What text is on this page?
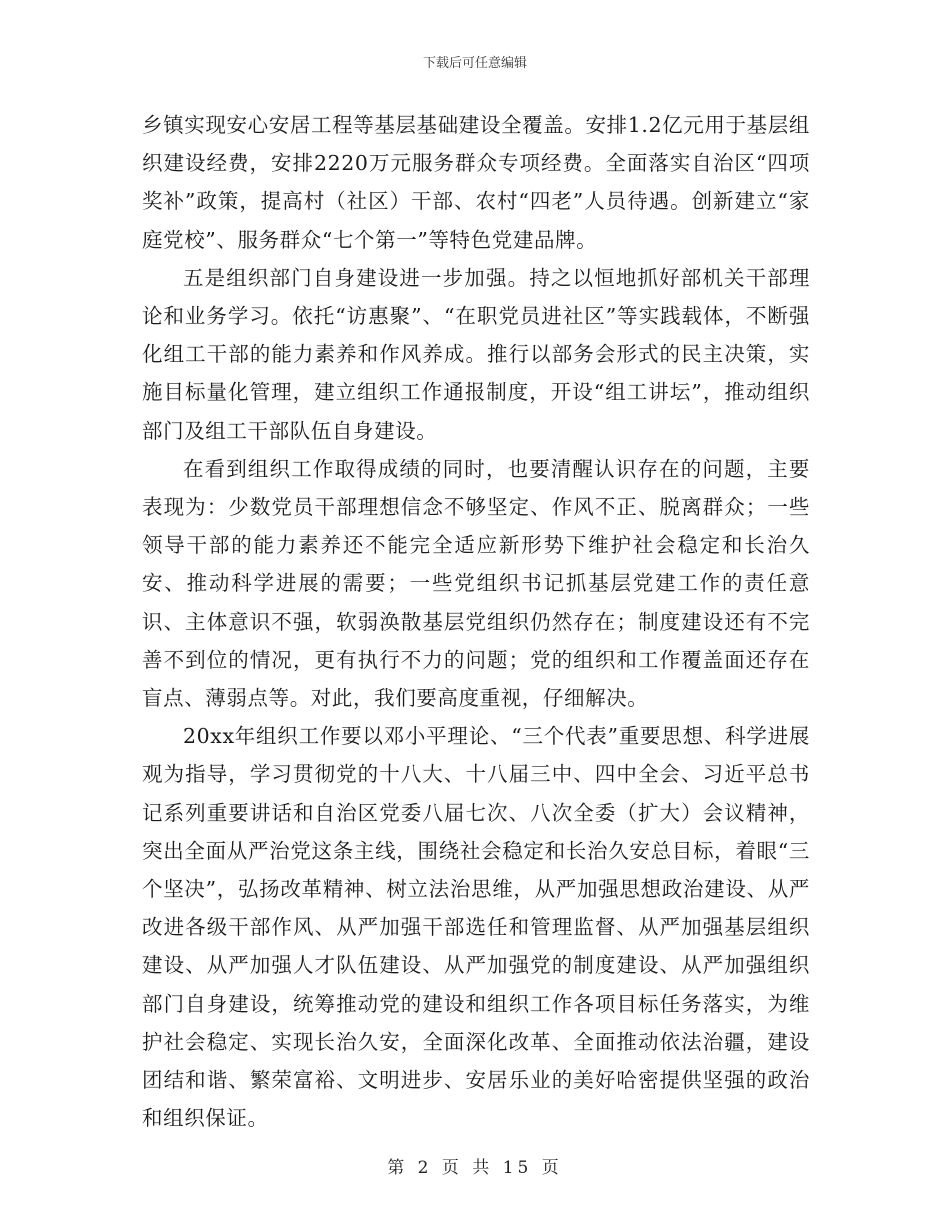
下载后可任意编辑

乡镇实现安心安居工程等基层基础建设全覆盖。安排1.2亿元用于基层组织建设经费，安排2220万元服务群众专项经费。全面落实自治区“四项奖补”政策，提高村（社区）干部、农村“四老”人员待遇。创新建立“家庭党校”、服务群众“七个第一”等特色党建品牌。

五是组织部门自身建设进一步加强。持之以恒地抓好部机关干部理论和业务学习。依托“访惠聚”、“在职党员进社区”等实践载体，不断强化组工干部的能力素养和作风养成。推行以部务会形式的民主决策，实施目标量化管理，建立组织工作通报制度，开设“组工讲坛”，推动组织部门及组工干部队伍自身建设。

在看到组织工作取得成绩的同时，也要清醒认识存在的问题，主要表现为：少数党员干部理想信念不够坚定、作风不正、脱离群众；一些领导干部的能力素养还不能完全适应新形势下维护社会稳定和长治久安、推动科学进展的需要；一些党组织书记抓基层党建工作的责任意识、主体意识不强，软弱涣散基层党组织仍然存在；制度建设还有不完善不到位的情况，更有执行不力的问题；党的组织和工作覆盖面还存在盲点、薄弱点等。对此，我们要高度重视，仔细解决。

20xx年组织工作要以邓小平理论、“三个代表”重要思想、科学进展观为指导，学习贯彻党的十八大、十八届三中、四中全会、习近平总书记系列重要讲话和自治区党委八届七次、八次全委（扩大）会议精神，突出全面从严治党这条主线，围绕社会稳定和长治久安总目标，着眼“三个坚决”，弘扬改革精神、树立法治思维，从严加强思想政治建设、从严改进各级干部作风、从严加强干部选任和管理监督、从严加强基层组织建设、从严加强人才队伍建设、从严加强党的制度建设、从严加强组织部门自身建设，统筹推动党的建设和组织工作各项目标任务落实，为维护社会稳定、实现长治久安，全面深化改革、全面推动依法治疆，建设团结和谐、繁荣富裕、文明进步、安居乐业的美好哈密提供坚强的政治和组织保证。

第 2 页 共 15 页
